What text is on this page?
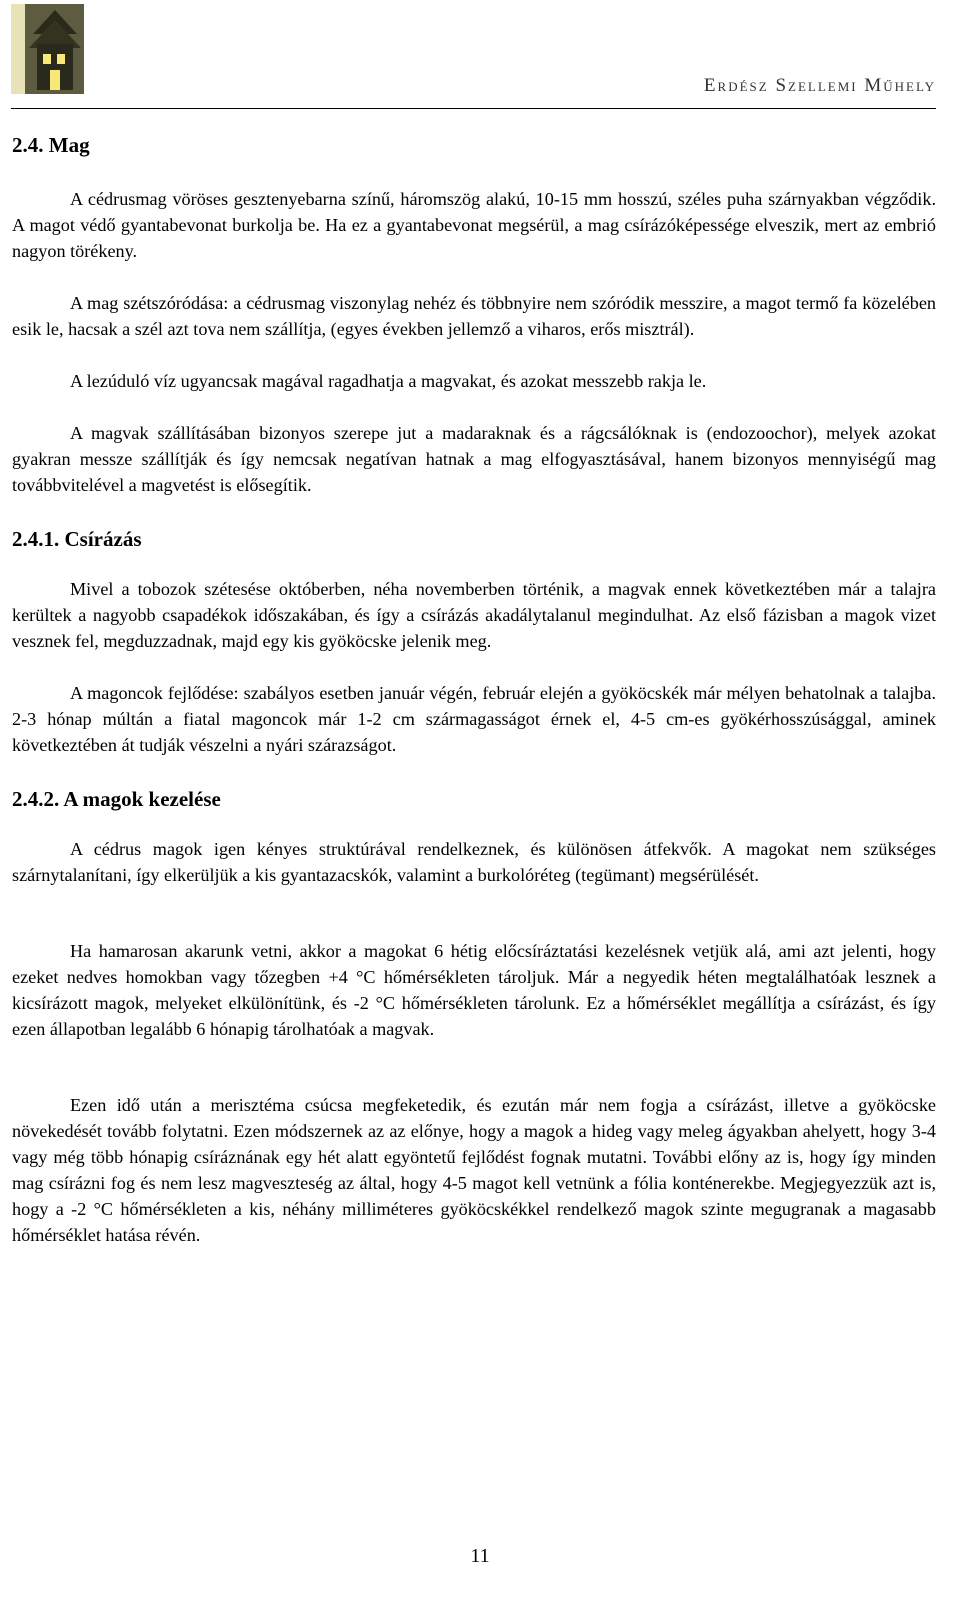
Erdész Szellemi Műhely
2.4. Mag

A cédrusmag vöröses gesztenyebarna színű, háromszög alakú, 10-15 mm hosszú, széles puha szárnyakban végződik. A magot védő gyantabevonat burkolja be. Ha ez a gyantabevonat megsérül, a mag csírázóképessége elveszik, mert az embrió nagyon törékeny.

A mag szétszóródása: a cédrusmag viszonylag nehéz és többnyire nem szóródik messzire, a magot termő fa közelében esik le, hacsak a szél azt tova nem szállítja, (egyes években jellemző a viharos, erős misztrál).

A lezúduló víz ugyancsak magával ragadhatja a magvakat, és azokat messzebb rakja le.

A magvak szállításában bizonyos szerepe jut a madaraknak és a rágcsálóknak is (endozoochor), melyek azokat gyakran messze szállítják és így nemcsak negatívan hatnak a mag elfogyasztásával, hanem bizonyos mennyiségű mag továbbvitelével a magvetést is elősegítik.

2.4.1. Csírázás

Mivel a tobozok szétesése októberben, néha novemberben történik, a magvak ennek következtében már a talajra kerültek a nagyobb csapadékok időszakában, és így a csírázás akadálytalanul megindulhat. Az első fázisban a magok vizet vesznek fel, megduzzadnak, majd egy kis gyököcske jelenik meg.

A magoncok fejlődése: szabályos esetben január végén, február elején a gyököcskék már mélyen behatolnak a talajba. 2-3 hónap múltán a fiatal magoncok már 1-2 cm szármagasságot érnek el, 4-5 cm-es gyökérhosszúsággal, aminek következtében át tudják vészelni a nyári szárazságot.

2.4.2. A magok kezelése

A cédrus magok igen kényes struktúrával rendelkeznek, és különösen átfekvők. A magokat nem szükséges szárnytalanítani, így elkerüljük a kis gyantazacskók, valamint a burkolóréteg (tegümant) megsérülését.

Ha hamarosan akarunk vetni, akkor a magokat 6 hétig előcsíráztatási kezelésnek vetjük alá, ami azt jelenti, hogy ezeket nedves homokban vagy tőzegben +4 °C hőmérsékleten tároljuk. Már a negyedik héten megtalálhatóak lesznek a kicsírázott magok, melyeket elkülönítünk, és -2 °C hőmérsékleten tárolunk. Ez a hőmérséklet megállítja a csírázást, és így ezen állapotban legalább 6 hónapig tárolhatóak a magvak.

Ezen idő után a merisztéma csúcsa megfeketedik, és ezután már nem fogja a csírázást, illetve a gyököcske növekedését tovább folytatni. Ezen módszernek az az előnye, hogy a magok a hideg vagy meleg ágyakban ahelyett, hogy 3-4 vagy még több hónapig csíráznának egy hét alatt egyöntetű fejlődést fognak mutatni. További előny az is, hogy így minden mag csírázni fog és nem lesz magveszteség az által, hogy 4-5 magot kell vetnünk a fólia konténerekbe. Megjegyezzük azt is, hogy a -2 °C hőmérsékleten a kis, néhány milliméteres gyököcskékkel rendelkező magok szinte megugranak a magasabb hőmérséklet hatása révén.

11
